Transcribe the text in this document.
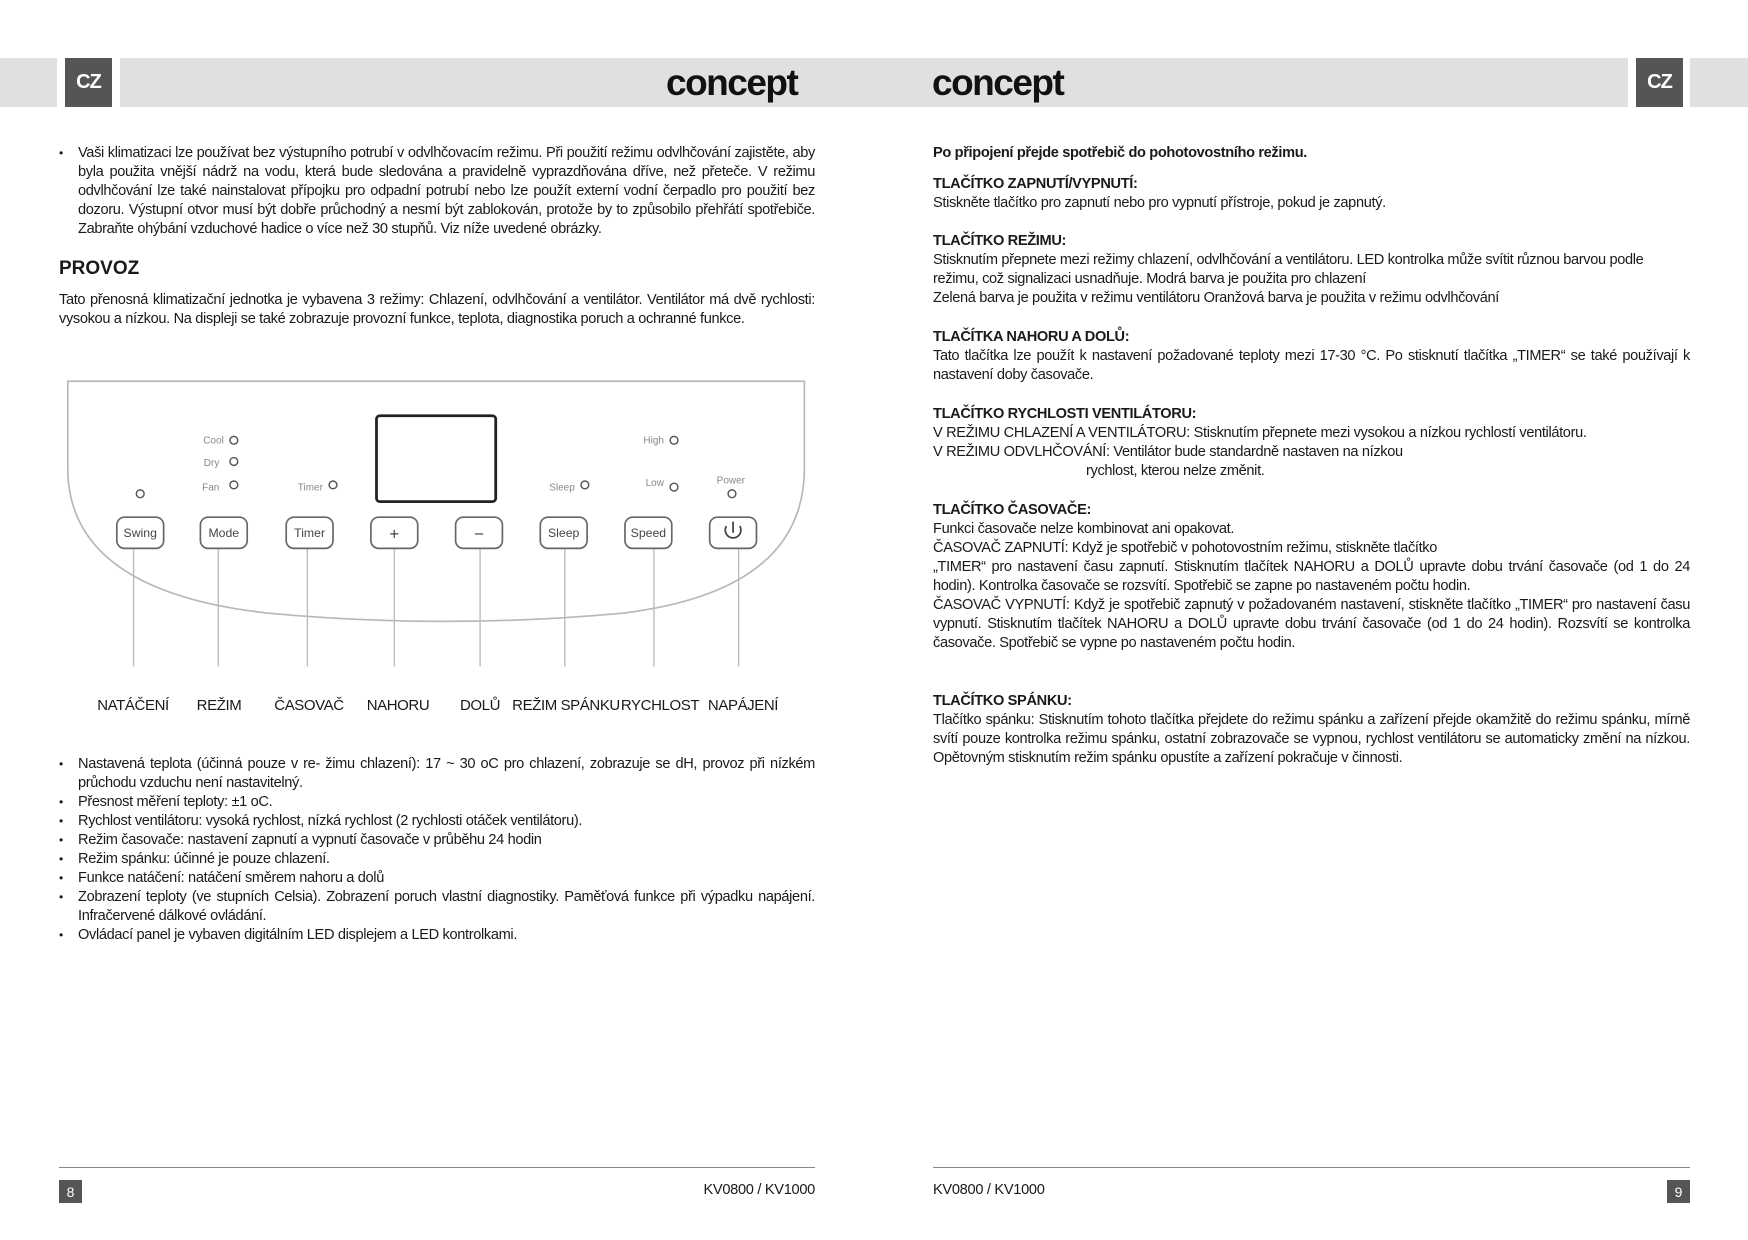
CZ	CZ
concept	concept
• Vaši klimatizaci lze používat bez výstupního potrubí v odvlhčovacím režimu. Při použití režimu odvlhčování zajistěte, aby byla použita vnější nádrž na vodu, která bude sledována a pravidelně vyprazdňována dříve, než přeteče. V režimu odvlhčování lze také nainstalovat přípojku pro odpadní potrubí nebo lze použít externí vodní čerpadlo pro použití bez dozoru. Výstupní otvor musí být dobře průchodný a nesmí být zablokován, protože by to způsobilo přehřátí spotřebiče. Zabraňte ohýbání vzduchové hadice o více než 30 stupňů. Viz níže uvedené obrázky.
PROVOZ
Tato přenosná klimatizační jednotka je vybavena 3 režimy: Chlazení, odvlhčování a ventilátor. Ventilátor má dvě rychlosti: vysokou a nízkou. Na displeji se také zobrazuje provozní funkce, teplota, diagnostika poruch a ochranné funkce.
Cool
Dry
Fan	Timer	Sleep
High
Low	Power
Swing	Mode	Timer	+	−	Sleep	Speed
NATÁČENÍ REŽIM ČASOVAČ NAHORU DOLŮ REŽIM SPÁNKU RYCHLOST NAPÁJENÍ
• Nastavená teplota (účinná pouze v re- žimu chlazení): 17 ~ 30 oC pro chlazení, zobrazuje se dH, provoz při nízkém průchodu vzduchu není nastavitelný.
• Přesnost měření teploty: ±1 oC.
• Rychlost ventilátoru: vysoká rychlost, nízká rychlost (2 rychlosti otáček ventilátoru).
• Režim časovače: nastavení zapnutí a vypnutí časovače v průběhu 24 hodin
• Režim spánku: účinné je pouze chlazení.
• Funkce natáčení: natáčení směrem nahoru a dolů
• Zobrazení teploty (ve stupních Celsia). Zobrazení poruch vlastní diagnostiky. Paměťová funkce při výpadku napájení. Infračervené dálkové ovládání.
• Ovládací panel je vybaven digitálním LED displejem a LED kontrolkami.
8	KV0800 / KV1000
Po připojení přejde spotřebič do pohotovostního režimu.
TLAČÍTKO ZAPNUTÍ/VYPNUTÍ:
Stiskněte tlačítko pro zapnutí nebo pro vypnutí přístroje, pokud je zapnutý.
TLAČÍTKO REŽIMU:
Stisknutím přepnete mezi režimy chlazení, odvlhčování a ventilátoru. LED kontrolka může svítit různou barvou podle režimu, což signalizaci usnadňuje. Modrá barva je použita pro chlazení
Zelená barva je použita v režimu ventilátoru Oranžová barva je použita v režimu odvlhčování
TLAČÍTKA NAHORU A DOLŮ:
Tato tlačítka lze použít k nastavení požadované teploty mezi 17-30 °C. Po stisknutí tlačítka „TIMER“ se také používají k nastavení doby časovače.
TLAČÍTKO RYCHLOSTI VENTILÁTORU:
V REŽIMU CHLAZENÍ A VENTILÁTORU: Stisknutím přepnete mezi vysokou a nízkou rychlostí ventilátoru.
V REŽIMU ODVLHČOVÁNÍ: Ventilátor bude standardně nastaven na nízkou
rychlost, kterou nelze změnit.
TLAČÍTKO ČASOVAČE:
Funkci časovače nelze kombinovat ani opakovat.
ČASOVAČ ZAPNUTÍ: Když je spotřebič v pohotovostním režimu, stiskněte tlačítko
„TIMER“ pro nastavení času zapnutí. Stisknutím tlačítek NAHORU a DOLŮ upravte dobu trvání časovače (od 1 do 24 hodin). Kontrolka časovače se rozsvítí. Spotřebič se zapne po nastaveném počtu hodin.
ČASOVAČ VYPNUTÍ: Když je spotřebič zapnutý v požadovaném nastavení, stiskněte tlačítko „TIMER“ pro nastavení času vypnutí. Stisknutím tlačítek NAHORU a DOLŮ upravte dobu trvání časovače (od 1 do 24 hodin). Rozsvítí se kontrolka časovače. Spotřebič se vypne po nastaveném počtu hodin.
TLAČÍTKO SPÁNKU:
Tlačítko spánku: Stisknutím tohoto tlačítka přejdete do režimu spánku a zařízení přejde okamžitě do režimu spánku, mírně svítí pouze kontrolka režimu spánku, ostatní zobrazovače se vypnou, rychlost ventilátoru se automaticky změní na nízkou. Opětovným stisknutím režim spánku opustíte a zařízení pokračuje v činnosti.
KV0800 / KV1000	9
